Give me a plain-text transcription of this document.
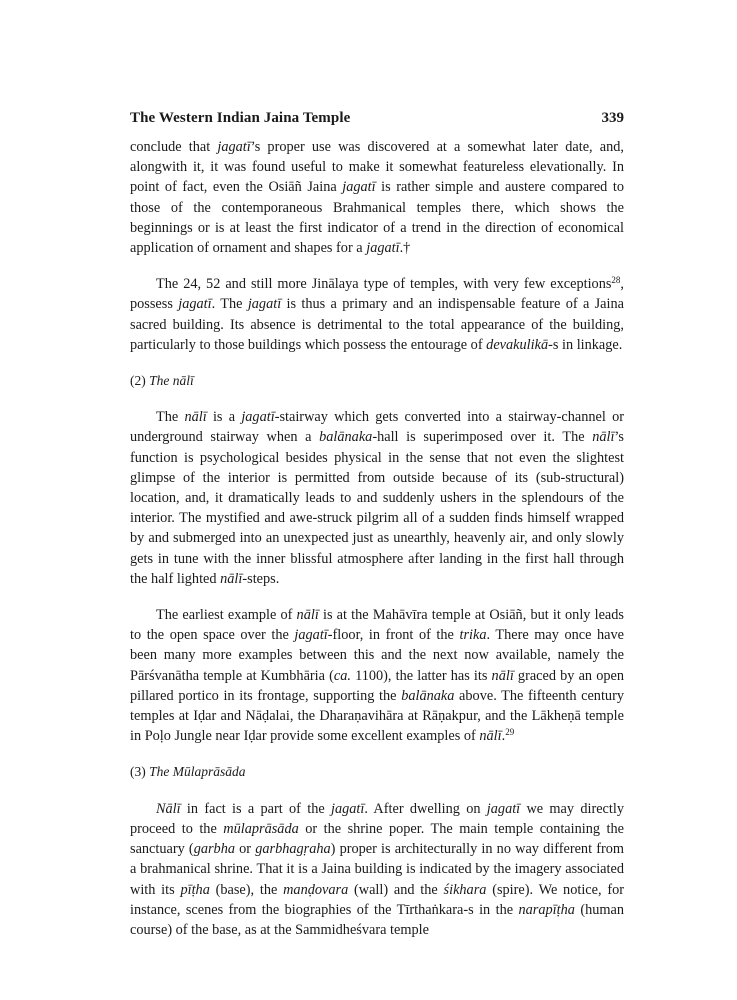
The Western Indian Jaina Temple	339

conclude that jagatī’s proper use was discovered at a somewhat later date, and, alongwith it, it was found useful to make it somewhat featureless elevationally. In point of fact, even the Osiāñ Jaina jagatī is rather simple and austere compared to those of the contemporaneous Brahmanical temples there, which shows the beginnings or is at least the first indicator of a trend in the direction of economical application of ornament and shapes for a jagatī.†

The 24, 52 and still more Jinālaya type of temples, with very few exceptions$^{28}$, possess jagatī. The jagatī is thus a primary and an indispensable feature of a Jaina sacred building. Its absence is detrimental to the total appearance of the building, particularly to those buildings which possess the entourage of devakulikā-s in linkage.

(2) The nālī

The nālī is a jagatī-stairway which gets converted into a stairway-channel or underground stairway when a balānaka-hall is superimposed over it. The nālī’s function is psychological besides physical in the sense that not even the slightest glimpse of the interior is permitted from outside because of its (sub-structural) location, and, it dramatically leads to and suddenly ushers in the splendours of the interior. The mystified and awe-struck pilgrim all of a sudden finds himself wrapped by and submerged into an unexpected just as unearthly, heavenly air, and only slowly gets in tune with the inner blissful atmosphere after landing in the first hall through the half lighted nālī-steps.

The earliest example of nālī is at the Mahāvīra temple at Osiāñ, but it only leads to the open space over the jagatī-floor, in front of the trika. There may once have been many more examples between this and the next now available, namely the Pārśvanātha temple at Kumbhāria (ca. 1100), the latter has its nālī graced by an open pillared portico in its frontage, supporting the balānaka above. The fifteenth century temples at Iḍar and Nāḍalai, the Dharaṇavihāra at Rāṇakpur, and the Lākheṇā temple in Poḷo Jungle near Iḍar provide some excellent examples of nālī.$^{29}$

(3) The Mūlaprāsāda

Nālī in fact is a part of the jagatī. After dwelling on jagatī we may directly proceed to the mūlaprāsāda or the shrine poper. The main temple containing the sanctuary (garbha or garbhagṛaha) proper is architecturally in no way different from a brahmanical shrine. That it is a Jaina building is indicated by the imagery associated with its pīṭha (base), the manḍovara (wall) and the śikhara (spire). We notice, for instance, scenes from the biographies of the Tīrthaṅkara-s in the narapīṭha (human course) of the base, as at the Sammidheśvara temple
